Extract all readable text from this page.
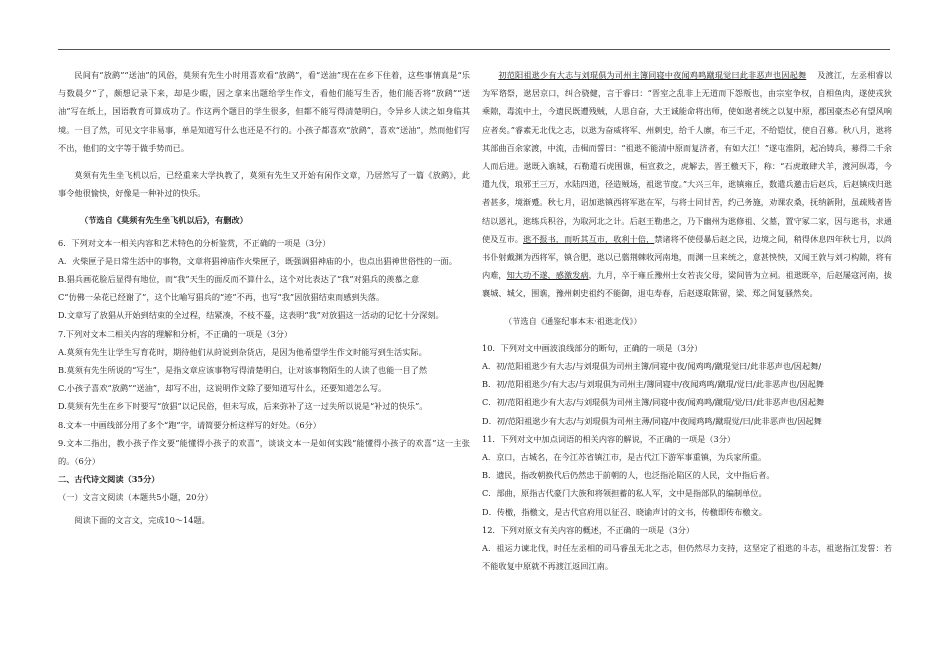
民间有“放鹞”“送油”的风俗，莫须有先生小时用喜欢看“放鹞”，看“送油”现在在乡下住着，这些事情真是“乐与数晨夕”了，颇想记录下来，却是少暇，因之拿来出题给学生作文，看他们能写生否，他们能否将“放鹞”“送油”写在纸上，国语教育可算成功了。作这两个题目的学生很多，但都不能写得清楚明白，令异乡人读之如身临其境。一目了然，可见文字非易事，单是知道写什么也还是不行的。小孩子都喜欢“放鹞”，喜欢“送油”，然而他们写不出，他们的文字等于做手势而已。

莫须有先生坐飞机以后，已经重来大学执教了，莫须有先生又开始有闲作文章，乃居然写了一篇《放鹞》，此事令他很愉快，好像是一种补过的快乐。

（节选自《莫须有先生坐飞机以后》，有删改）

6．下列对文本一相关内容和艺术特色的分析鉴赏，不正确的一项是（3分）

A．火柴匣子是日常生活中的事物，文章将猖神庙作火柴匣子，既强调猖神庙的小，也点出猖神世俗性的一面。

B.猖兵画花脸后显得有地位，而“我”天生的面反而不算什么，这个对比表达了“我”对猖兵的羡慕之意

C“仿佛一朵花已经谢了”，这个比喻写猖兵的“迹”不再，也写“我”因放猖结束而感到失落。

D.文章写了放猖从开始到结束的全过程，结紧凑，不枝不蔓，这表明“我”对放猖这一活动的记忆十分深刻。

7.下列对文本二相关内容的理解和分析，不正确的一项是（3分）

A.莫须有先生让学生写育花时，期待他们从莳说到杂货店，是因为他希望学生作文时能写到生活实际。

B.莫须有先生所说的“写生”，是指文章应该事物写得清楚明白，让对该事物陌生的人读了也能一目了然

C.小孩子喜欢“放鹞”“送油”，却写不出，这说明作文除了要知道写什么，还要知道怎么写。

D.莫须有先生在乡下时要写“放猖”以记民俗，但未写成，后来弥补了这一过失所以说是“补过的快乐”。

8.文本一中画线部分用了多个“跑”字，请简要分析这样写的好处。（6分）

9.文本二指出，教小孩子作文要“能懂得小孩子的欢喜”，谈谈文本一是如何实践“能懂得小孩子的欢喜”这一主张的。（6分）

二、古代诗文阅读（35分）

（一）文言文阅读（本题共5小题，20分）

阅读下面的文言文，完成10～14题。

初范阳祖逖少有大志与刘琨俱为司州主簿同寝中夜闻鸡鸣蹴琨觉曰此非恶声也因起舞 及渡江，左丞相睿以为军谘祭，逖居京口，纠合骁健，言于睿曰：“晋室之乱非上无道而下怨叛也，由宗室争权，自相鱼肉，遂使戎狄乘隙，毒流中土，今遗民既遭残贼，人思自奋，大王诚能命将出师，使如逖者统之以复中原，郡国豪杰必有望风响应者矣。”睿素无北伐之志，以逖为奋威将军、州刺史，给千人廪，布三千疋，不给铠仗，使自召募。秋八月，逖将其部曲百余家渡，中流，击楫而誓曰：“祖逖不能清中原而复济者，有如大江！”遂屯淮阴，起冶铸兵，募得二千余人而后进。逖既入谯城，石勒遣石虎围谯，桓宣救之，虎解去，晋王檄天下，称：“石虎敢肆犬羊，渡河纵毒，今遣九伐，琅邪王三万，水陆四道，径造贼场，祖逖节度。”大兴三年，逖镇雍丘，数遣兵邀击后赵兵，后赵镇戍归逖者甚多，境渐蹙。秋七月，诏加逖镇西将军逖在军，与将士同甘苦，约己务施，劝课农桑，抚纳新附，虽疏贱者皆结以恩礼，逖练兵积谷，为取河北之计。后赵王勒患之，乃下幽州为逖修祖、父墓，置守冢二家，因与逖书，求通使及互市。逖不报书，而听其互市，收利十倍，禁诸将不使侵暴后赵之民，边境之间，稍得休息四年秋七月，以尚书仆射戴渊为西将军，镇合肥，逖以已翦荆棘收河南地，而渊一旦来统之，意甚怏怏，又闻王敦与刘刁构隙，将有内难，知大功不遂，感激发病，九月，卒于雍丘豫州士女若丧父母，梁间皆为立祠。祖逖既卒，后赵屡寇河南，拔襄城、城父，围谯，豫州刺史祖约不能御，退屯寿春，后赵遂取陈留，梁、郑之间复骚然矣。

（节选自《通鉴纪事本末·祖逖北伐》）

10．下列对文中画波浪线部分的断句，正确的一项是（3分）

A．初/范阳祖逖少有大志/与刘琨俱为司州主簿/同寝中夜/闻鸡鸣/蹴琨觉曰/此非恶声也/因起舞/

B．初/范阳祖逖少/有大志/与刘琨俱为司州主/簿同寝中/夜闻鸡鸣/蹴琨/觉曰/此非恶声也/因起舞

C．初/范阳祖逖少有大志/与刘琨俱为司州主簿/同寝中夜/闻鸡鸣/蹴琨/觉/曰/此非恶声也/因起舞

D．初/范阳祖逖少有大志/与刘琨俱为司州主薄/同寝/中夜闻鸡鸣/蹴琨觉/曰/此非恶声也/因起舞

11．下列对文中加点词语的相关内容的解说，不正确的一项是（3分）

A．京口，古城名，在今江苏省镇江市，是古代江下游军事重镇，为兵家所重。

B．遗民，指改朝换代后仍然忠于前朝的人，也泛指沦陷区的人民，文中指后者。

C．部曲，原指古代豪门大族和将领担蓄的私人军，文中是指部队的编制单位。

D．传檄，指檄文，是古代官府用以征召、晓谕声讨的文书，传檄即传布檄文。

12．下列对原文有关内容的概述，不正确的一项是（3分）

A．祖运力谏北伐，时任左丞相的司马睿虽无北之志，但仍然尽力支持，这坚定了祖逖的斗志，祖逖指江发誓：若不能收复中原就不再渡江返回江南。
